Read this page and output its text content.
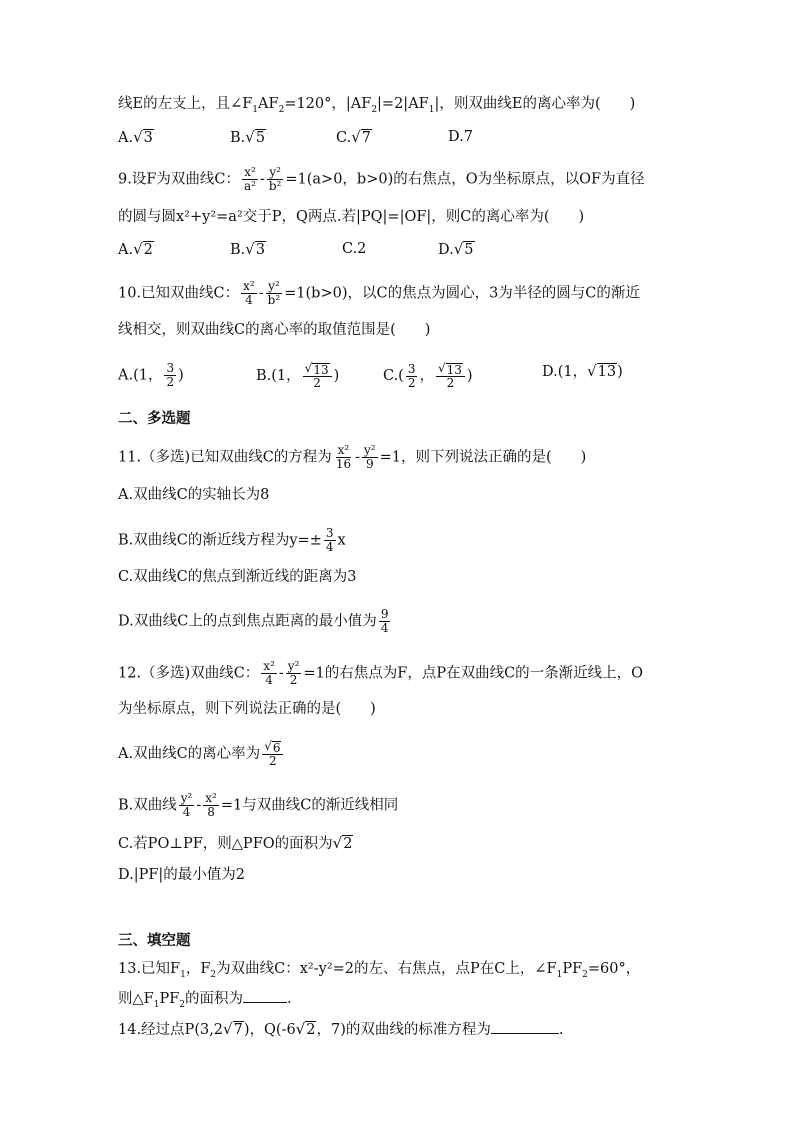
线E的左支上，且$\angle F_1AF_2=120^\circ$，$|AF_2|=2|AF_1|$，则双曲线E的离心率为(　　)
A. √ 3	B. √ 5	C. √ 7	D.7
9.设F为双曲线C： $\frac{\text{x²}}{\text{a²}} - \frac{\text{y²}}{\text{b²}} =1(a>0$，b>0)的右焦点，O为坐标原点，以OF为直径
的圆与圆x²+y²=a²交于P，Q两点.若|PQ|=|OF|，则C的离心率为(　　)
A. √ 2	B. √ 3	C.2	D. √ 5
10.已知双曲线C： $\frac{\text{x²}}{4} - \frac{\text{y²}}{\text{b²}} =1(b>0)$，以C的焦点为圆心，3为半径的圆与C的渐近
线相交，则双曲线C的离心率的取值范围是(　　)
A.(1， $\frac{3}{2}$ )	B.(1， $\frac{√ 13}{2}$ )	$C.( \frac{3}{2}$ ， $\frac{√ 13}{2}$ )	D.(1， √ 13 )
二、多选题
11.（多选)已知双曲线C的方程为 $\frac{\text{x²}}{16} - \frac{\text{y²}}{9} =1$，则下列说法正确的是(　　)
A.双曲线C的实轴长为8
B.双曲线C的渐近线方程为$y=\pm \frac{3}{4}$ x
C.双曲线C的焦点到渐近线的距离为3
D.双曲线C上的点到焦点距离的最小值为 $\frac{9}{4}$
12.（多选)双曲线C： $\frac{\text{x²}}{4} - \frac{\text{y²}}{2} =1$的右焦点为F，点P在双曲线C的一条渐近线上，O
为坐标原点，则下列说法正确的是(　　)
A.双曲线C的离心率为 $\frac{√ 6}{2}$
B.双曲线 $\frac{\text{y²}}{4} - \frac{\text{x²}}{8} =1$与双曲线C的渐近线相同
C.若PO⊥PF，则△PFO的面积为 √ 2
D.|PF|的最小值为2
三、填空题
13.已知$F_1$，$F_2$为双曲线C：x²-y²=2的左、右焦点，点P在C上，$\angle F_1PF_2=60^\circ$，
则$\triangle F_1PF_2$的面积为	.
14.经过点P(3,2 √ 7 )，Q(-6 √ 2 ，7)的双曲线的标准方程为	.
